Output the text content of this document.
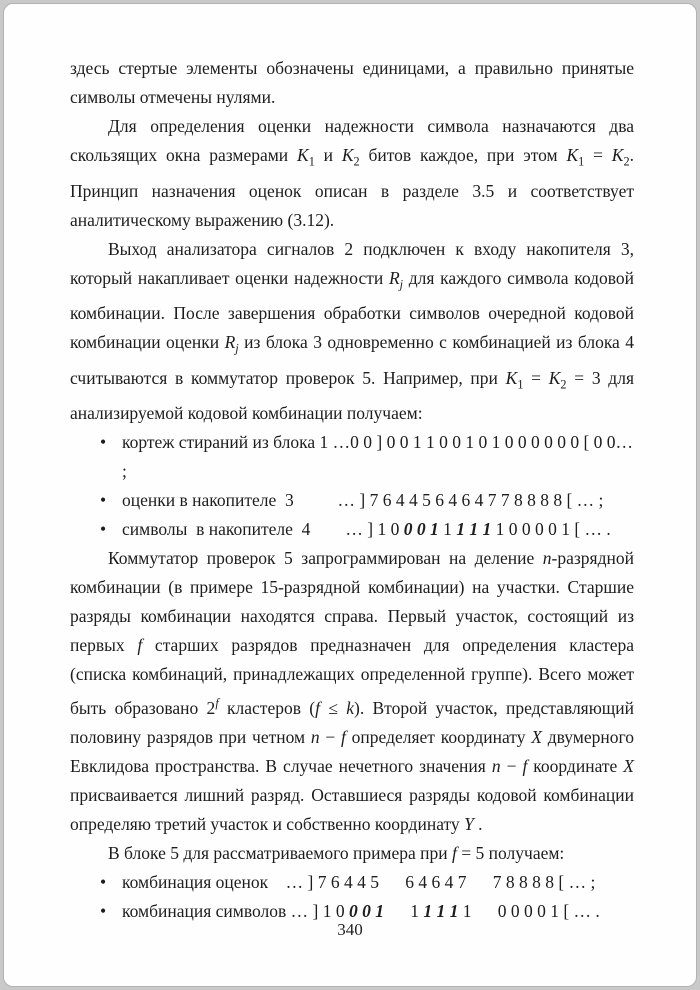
здесь стертые элементы обозначены единицами, а правильно принятые символы отмечены нулями.

Для определения оценки надежности символа назначаются два скользящих окна размерами $K_1$ и $K_2$ битов каждое, при этом $K_1 = K_2$. Принцип назначения оценок описан в разделе 3.5 и соответствует аналитическому выражению (3.12).

Выход анализатора сигналов 2 подключен к входу накопителя 3, который накапливает оценки надежности $R_j$ для каждого символа кодовой комбинации. После завершения обработки символов очередной кодовой комбинации оценки $R_j$ из блока 3 одновременно с комбинацией из блока 4 считываются в коммутатор проверок 5. Например, при $K_1 = K_2 = 3$ для анализируемой кодовой комбинации получаем:

• кортеж стираний из блока 1 …0 0 ] 0 0 1 1 0 0 1 0 1 0 0 0 0 0 0 [ 0 0… ;
• оценки в накопителе  3          … ] 7 6 4 4 5 6 4 6 4 7 7 8 8 8 8 [ … ;
• символы  в накопителе  4        … ] 1 0 0 0 1 1 1 1 1 1 0 0 0 0 1 [ … .

Коммутатор проверок 5 запрограммирован на деление n-разрядной комбинации (в примере 15-разрядной комбинации) на участки. Старшие разряды комбинации находятся справа. Первый участок, состоящий из первых f старших разрядов предназначен для определения кластера (списка комбинаций, принадлежащих определенной группе). Всего может быть образовано 2$^f$ кластеров (f ≤ k). Второй участок, представляющий половину разрядов при четном n − f определяет координату X двумерного Евклидова пространства. В случае нечетного значения n − f координате X присваивается лишний разряд. Оставшиеся разряды кодовой комбинации определяю третий участок и собственно координату Y .

В блоке 5 для рассматриваемого примера при f = 5 получаем:

• комбинация оценок    … ] 7 6 4 4 5      6 4 6 4 7      7 8 8 8 8 [ … ;
• комбинация символов … ] 1 0 0 0 1      1 1 1 1 1      0 0 0 0 1 [ … .
340
